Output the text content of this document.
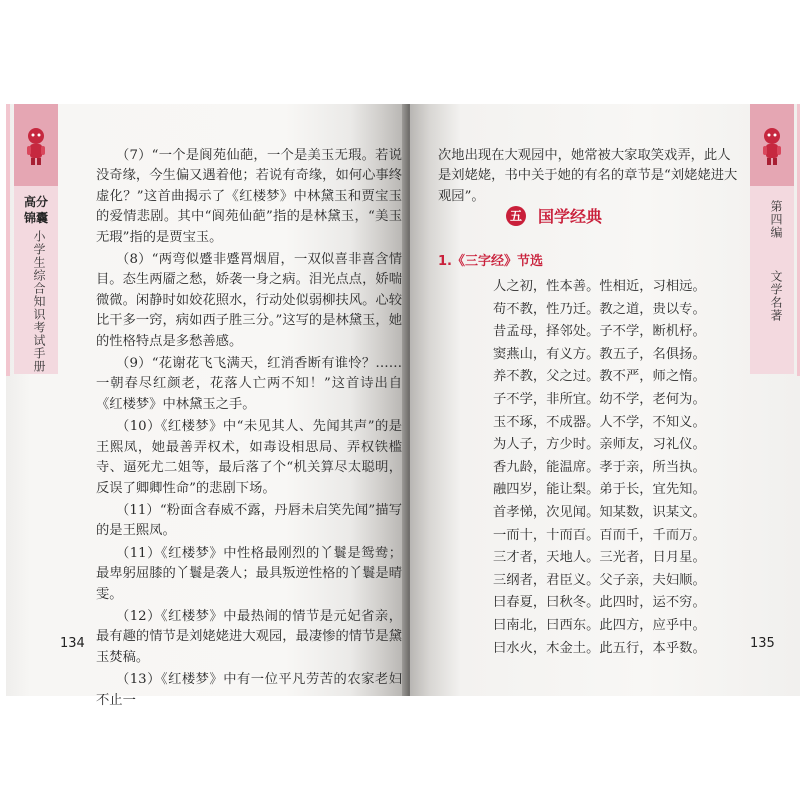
高分
锦囊
小学生综合知识考试手册

（7）“一个是阆苑仙葩，一个是美玉无瑕。若说没奇缘，今生偏又遇着他；若说有奇缘，如何心事终虚化？”这首曲揭示了《红楼梦》中林黛玉和贾宝玉的爱情悲剧。其中“阆苑仙葩”指的是林黛玉，“美玉无瑕”指的是贾宝玉。

（8）“两弯似蹙非蹙罥烟眉，一双似喜非喜含情目。态生两靥之愁，娇袭一身之病。泪光点点，娇喘微微。闲静时如姣花照水，行动处似弱柳扶风。心较比干多一窍，病如西子胜三分。”这写的是林黛玉，她的性格特点是多愁善感。

（9）“花谢花飞飞满天，红消香断有谁怜？……一朝春尽红颜老，花落人亡两不知！”这首诗出自《红楼梦》中林黛玉之手。

（10）《红楼梦》中“未见其人、先闻其声”的是王熙凤，她最善弄权术，如毒设相思局、弄权铁槛寺、逼死尤二姐等，最后落了个“机关算尽太聪明，反误了卿卿性命”的悲剧下场。

（11）“粉面含春威不露，丹唇未启笑先闻”描写的是王熙凤。

（11）《红楼梦》中性格最刚烈的丫鬟是鸳鸯；最卑躬屈膝的丫鬟是袭人；最具叛逆性格的丫鬟是晴雯。

（12）《红楼梦》中最热闹的情节是元妃省亲，最有趣的情节是刘姥姥进大观园，最凄惨的情节是黛玉焚稿。

（13）《红楼梦》中有一位平凡劳苦的农家老妇不止一

134
第四编
文学名著

次地出现在大观园中，她常被大家取笑戏弄，此人是刘姥姥，书中关于她的有名的章节是“刘姥姥进大观园”。

五 国学经典
1.《三字经》节选
人之初，性本善。性相近，习相远。
苟不教，性乃迁。教之道，贵以专。
昔孟母，择邻处。子不学，断机杼。
窦燕山，有义方。教五子，名俱扬。
养不教，父之过。教不严，师之惰。
子不学，非所宜。幼不学，老何为。
玉不琢，不成器。人不学，不知义。
为人子，方少时。亲师友，习礼仪。
香九龄，能温席。孝于亲，所当执。
融四岁，能让梨。弟于长，宜先知。
首孝悌，次见闻。知某数，识某文。
一而十，十而百。百而千，千而万。
三才者，天地人。三光者，日月星。
三纲者，君臣义。父子亲，夫妇顺。
曰春夏，曰秋冬。此四时，运不穷。
曰南北，曰西东。此四方，应乎中。
曰水火，木金土。此五行，本乎数。	135
